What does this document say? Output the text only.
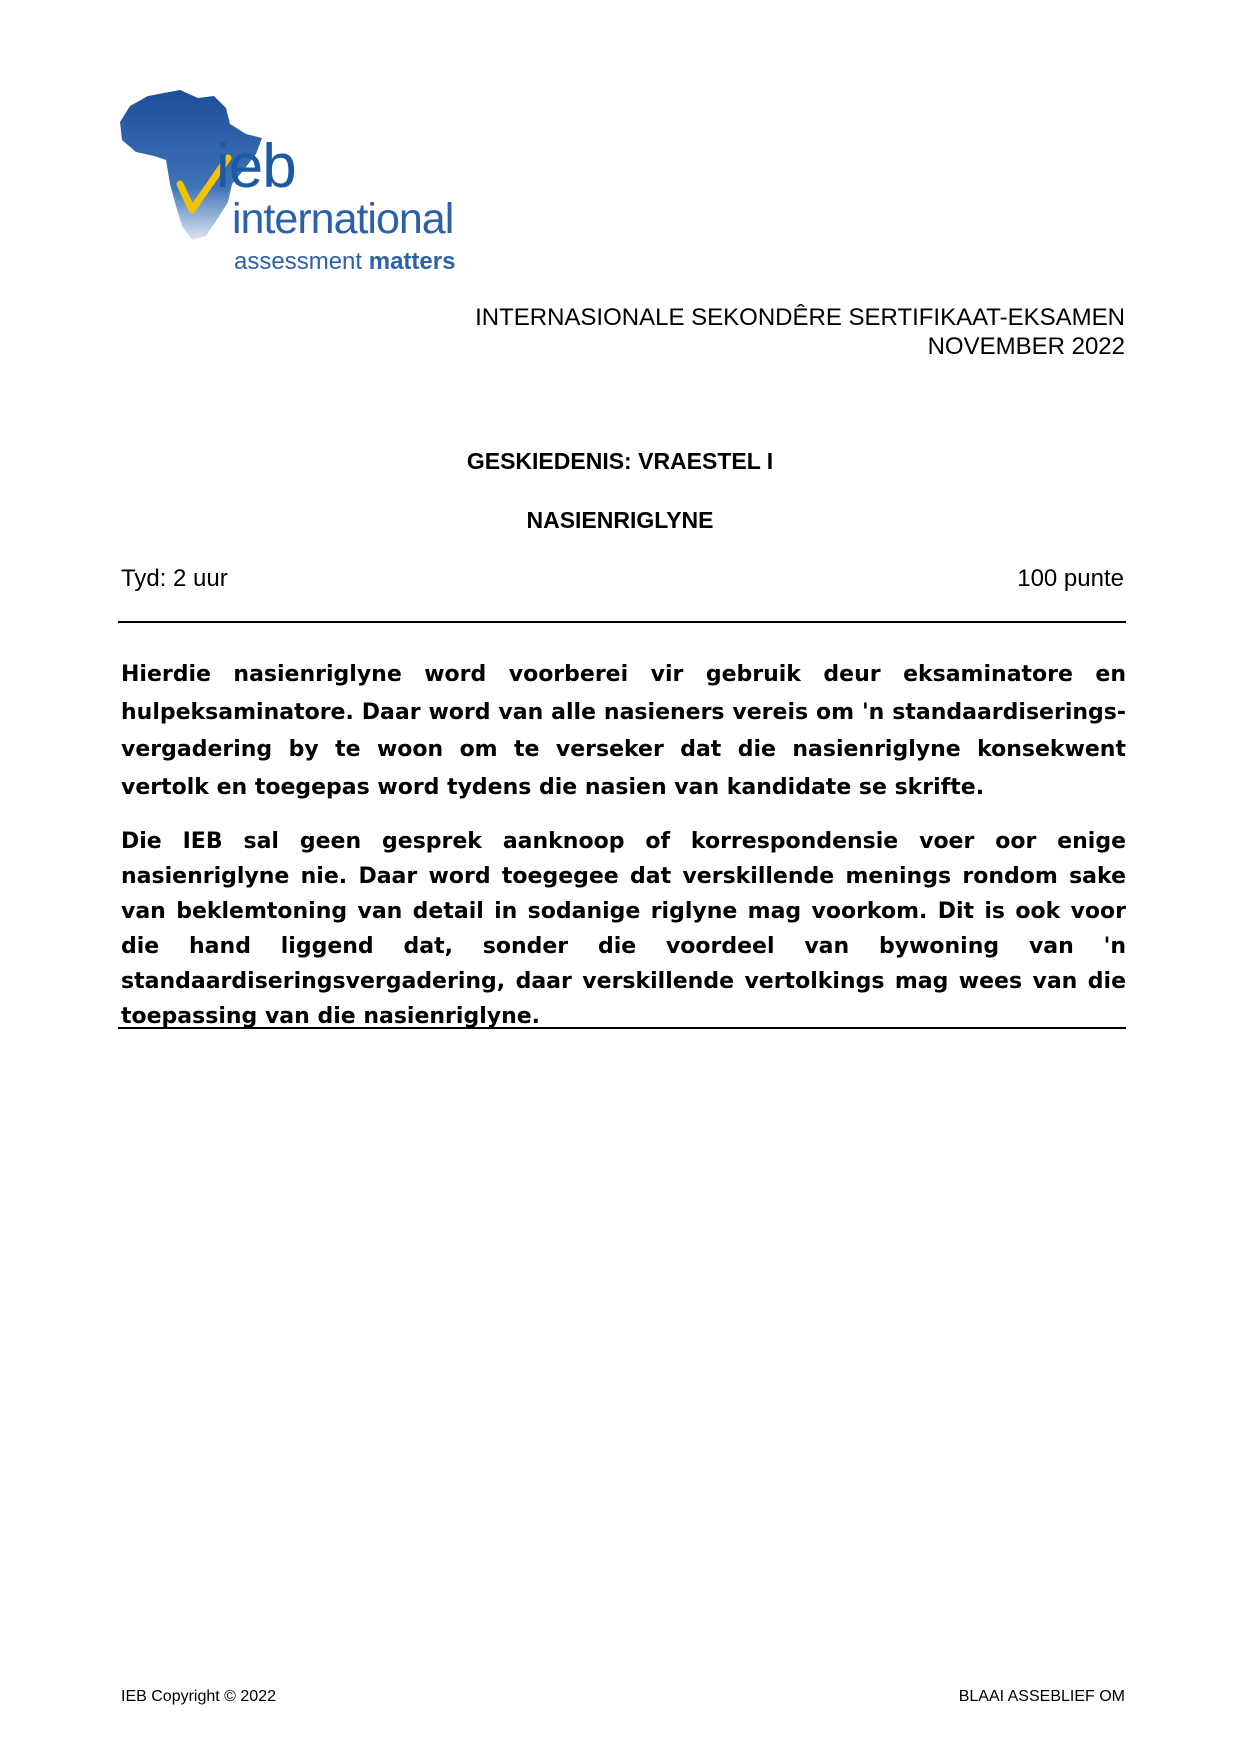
ieb
international
assessment matters
INTERNASIONALE SEKONDÊRE SERTIFIKAAT-EKSAMEN
NOVEMBER 2022
GESKIEDENIS: VRAESTEL I
NASIENRIGLYNE
Tyd: 2 uur	100 punte

Hierdie nasienriglyne word voorberei vir gebruik deur eksaminatore en hulpeksaminatore. Daar word van alle nasieners vereis om 'n standaardiserings-vergadering by te woon om te verseker dat die nasienriglyne konsekwent vertolk en toegepas word tydens die nasien van kandidate se skrifte.

Die IEB sal geen gesprek aanknoop of korrespondensie voer oor enige nasienriglyne nie. Daar word toegegee dat verskillende menings rondom sake van beklemtoning van detail in sodanige riglyne mag voorkom. Dit is ook voor die hand liggend dat, sonder die voordeel van bywoning van 'n standaardiseringsvergadering, daar verskillende vertolkings mag wees van die toepassing van die nasienriglyne.

IEB Copyright © 2022	BLAAI ASSEBLIEF OM
